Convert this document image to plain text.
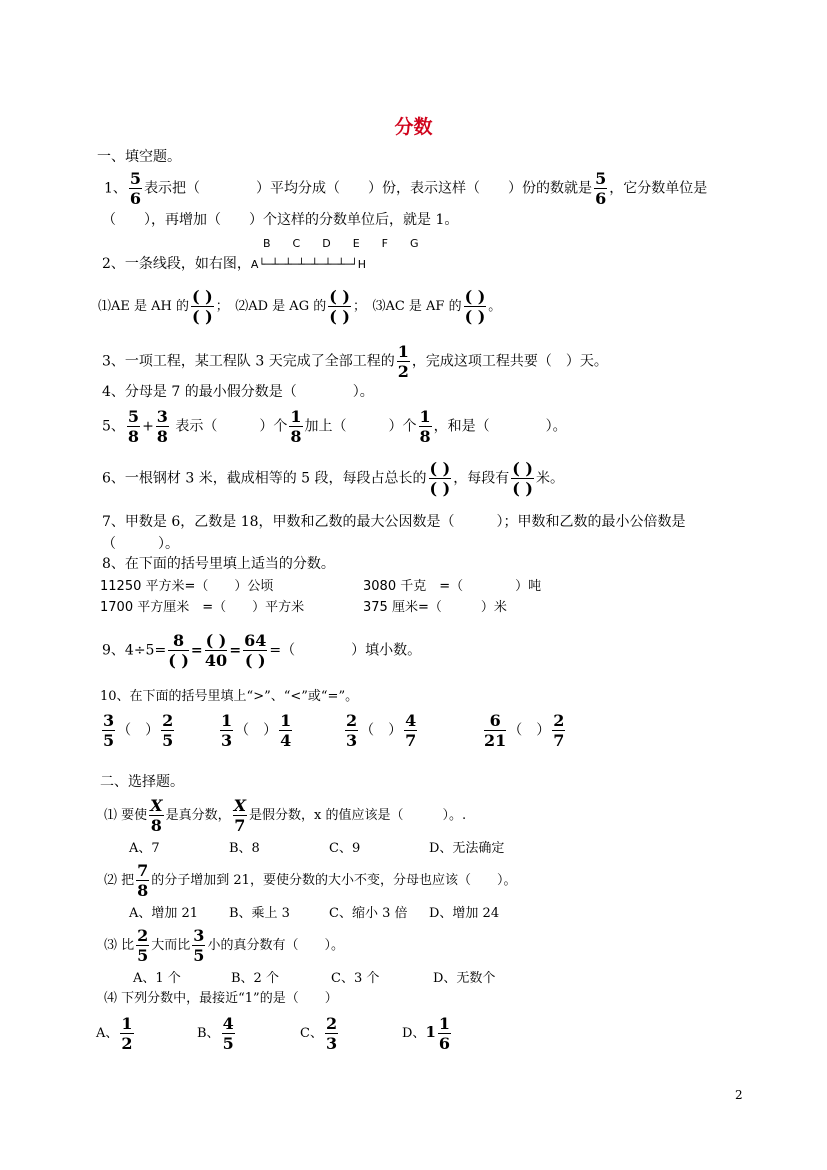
分数
一、填空题。
1、 $\frac{5}{6}$ 表示把（　　　　）平均分成（　　）份，表示这样（　　）份的数就是 $\frac{5}{6}$ ，它分数单位是
（　　），再增加（　　）个这样的分数单位后，就是 1。
B　　C　　D　　E　　F　　G
2、一条线段，如右图，A└─┴─┴─┴─┴─┴─┴─┘H
⑴AE 是 AH 的 $\frac{( )}{( )}$ ；　⑵AD 是 AG 的 $\frac{( )}{( )}$ ；　⑶AC 是 AF 的 $\frac{( )}{( )}$ 。
3、一项工程，某工程队 3 天完成了全部工程的 $\frac{1}{2}$ ，完成这项工程共要（　）天。
4、分母是 7 的最小假分数是（　　　　）。
5、 $\frac{5}{8} + \frac{3}{8}$ 表示（　　　）个 $\frac{1}{8}$ 加上（　　　）个 $\frac{1}{8}$ ，和是（　　　　）。
6、一根钢材 3 米，截成相等的 5 段，每段占总长的 $\frac{( )}{( )}$ ，每段有 $\frac{( )}{( )}$ 米。
7、甲数是 6，乙数是 18，甲数和乙数的最大公因数是（　　　）；甲数和乙数的最小公倍数是
（　　　）。
8、在下面的括号里填上适当的分数。
11250 平方米=（　　）公顷	3080 千克　=（　　　　）吨
1700 平方厘米　=（　　）平方米	375 厘米=（　　　）米
9、$4\div 5= \frac{8}{( )} = \frac{( )}{40} = \frac{64}{( )}$ =（　　　　）填小数。
10、在下面的括号里填上“>”、“<”或“=”。
$\frac{3}{5}$ （　） $\frac{2}{5}$	$\frac{1}{3}$ （　） $\frac{1}{4}$	$\frac{2}{3}$ （　） $\frac{4}{7}$	$\frac{6}{21}$ （　） $\frac{2}{7}$
二、选择题。
⑴ 要使 $\frac{X}{8}$ 是真分数， $\frac{X}{7}$ 是假分数，x 的值应该是（　　　）。.
A、7	B、8	C、9	D、无法确定
⑵ 把 $\frac{7}{8}$ 的分子增加到 21，要使分数的大小不变，分母也应该（　　）。
A、增加 21 B、乘上 3	C、缩小 3 倍 D、增加 24
⑶ 比 $\frac{2}{5}$ 大而比 $\frac{3}{5}$ 小的真分数有（　　）。
A、1 个	B、2 个	C、3 个	D、无数个
⑷ 下列分数中，最接近“1”的是（　　）
A、 $\frac{1}{2}$	B、 $\frac{4}{5}$	C、 $\frac{2}{3}$	D、$1 \frac{1}{6}$
2
